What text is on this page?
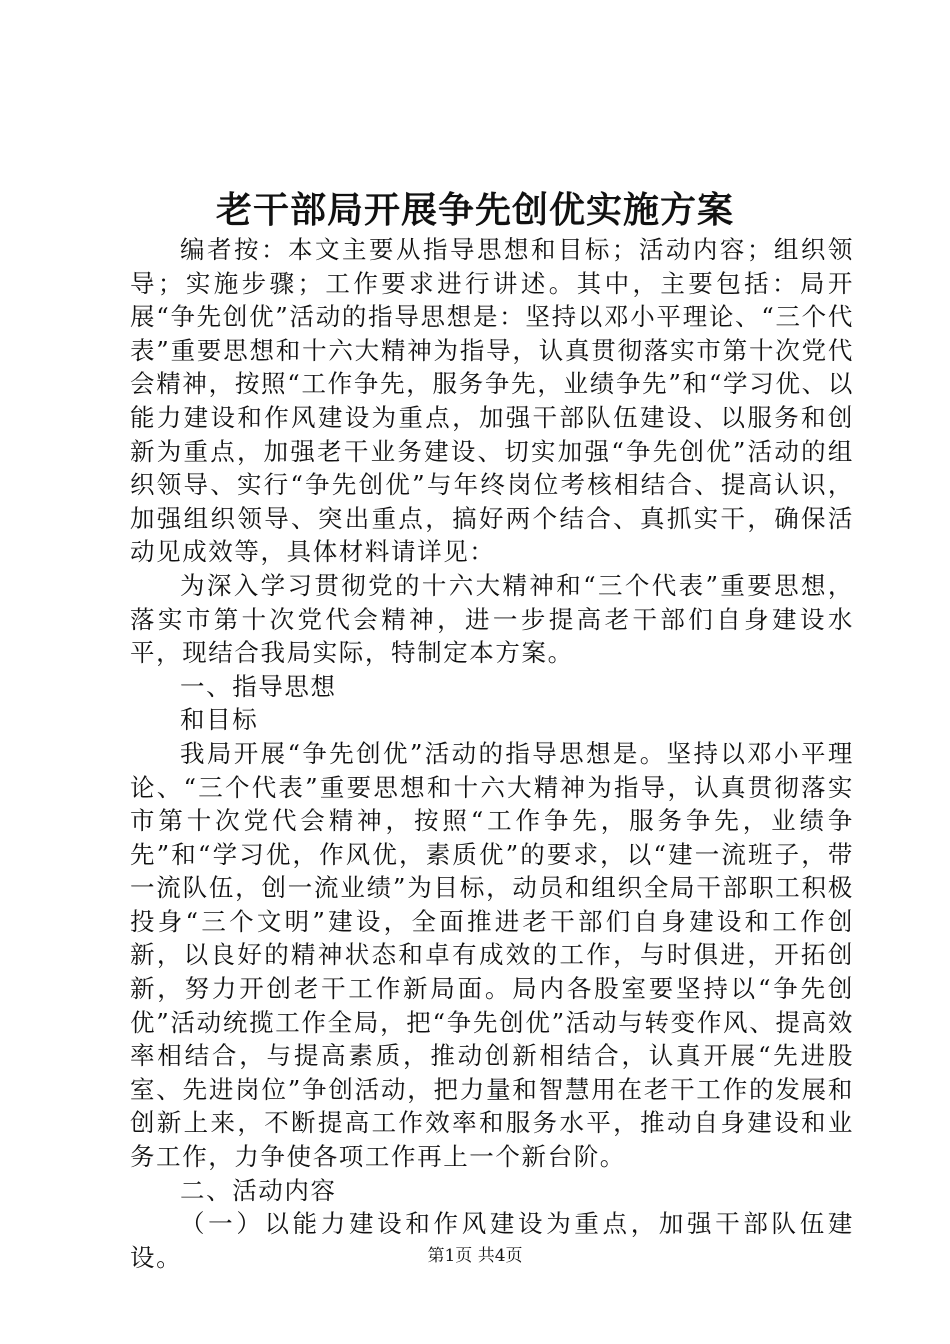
老干部局开展争先创优实施方案

编者按：本文主要从指导思想和目标；活动内容；组织领导；实施步骤；工作要求进行讲述。其中，主要包括：局开展“争先创优”活动的指导思想是：坚持以邓小平理论、“三个代表”重要思想和十六大精神为指导，认真贯彻落实市第十次党代会精神，按照“工作争先，服务争先，业绩争先”和“学习优、以能力建设和作风建设为重点，加强干部队伍建设、以服务和创新为重点，加强老干业务建设、切实加强“争先创优”活动的组织领导、实行“争先创优”与年终岗位考核相结合、提高认识，加强组织领导、突出重点，搞好两个结合、真抓实干，确保活动见成效等，具体材料请详见：

为深入学习贯彻党的十六大精神和“三个代表”重要思想，落实市第十次党代会精神，进一步提高老干部们自身建设水平，现结合我局实际，特制定本方案。

一、指导思想

和目标

我局开展“争先创优”活动的指导思想是。坚持以邓小平理论、“三个代表”重要思想和十六大精神为指导，认真贯彻落实市第十次党代会精神，按照“工作争先，服务争先，业绩争先”和“学习优，作风优，素质优”的要求，以“建一流班子，带一流队伍，创一流业绩”为目标，动员和组织全局干部职工积极投身“三个文明”建设，全面推进老干部们自身建设和工作创新，以良好的精神状态和卓有成效的工作，与时俱进，开拓创新，努力开创老干工作新局面。局内各股室要坚持以“争先创优”活动统揽工作全局，把“争先创优”活动与转变作风、提高效率相结合，与提高素质，推动创新相结合，认真开展“先进股室、先进岗位”争创活动，把力量和智慧用在老干工作的发展和创新上来，不断提高工作效率和服务水平，推动自身建设和业务工作，力争使各项工作再上一个新台阶。

二、活动内容

（一）以能力建设和作风建设为重点，加强干部队伍建设。	第1页 共4页
